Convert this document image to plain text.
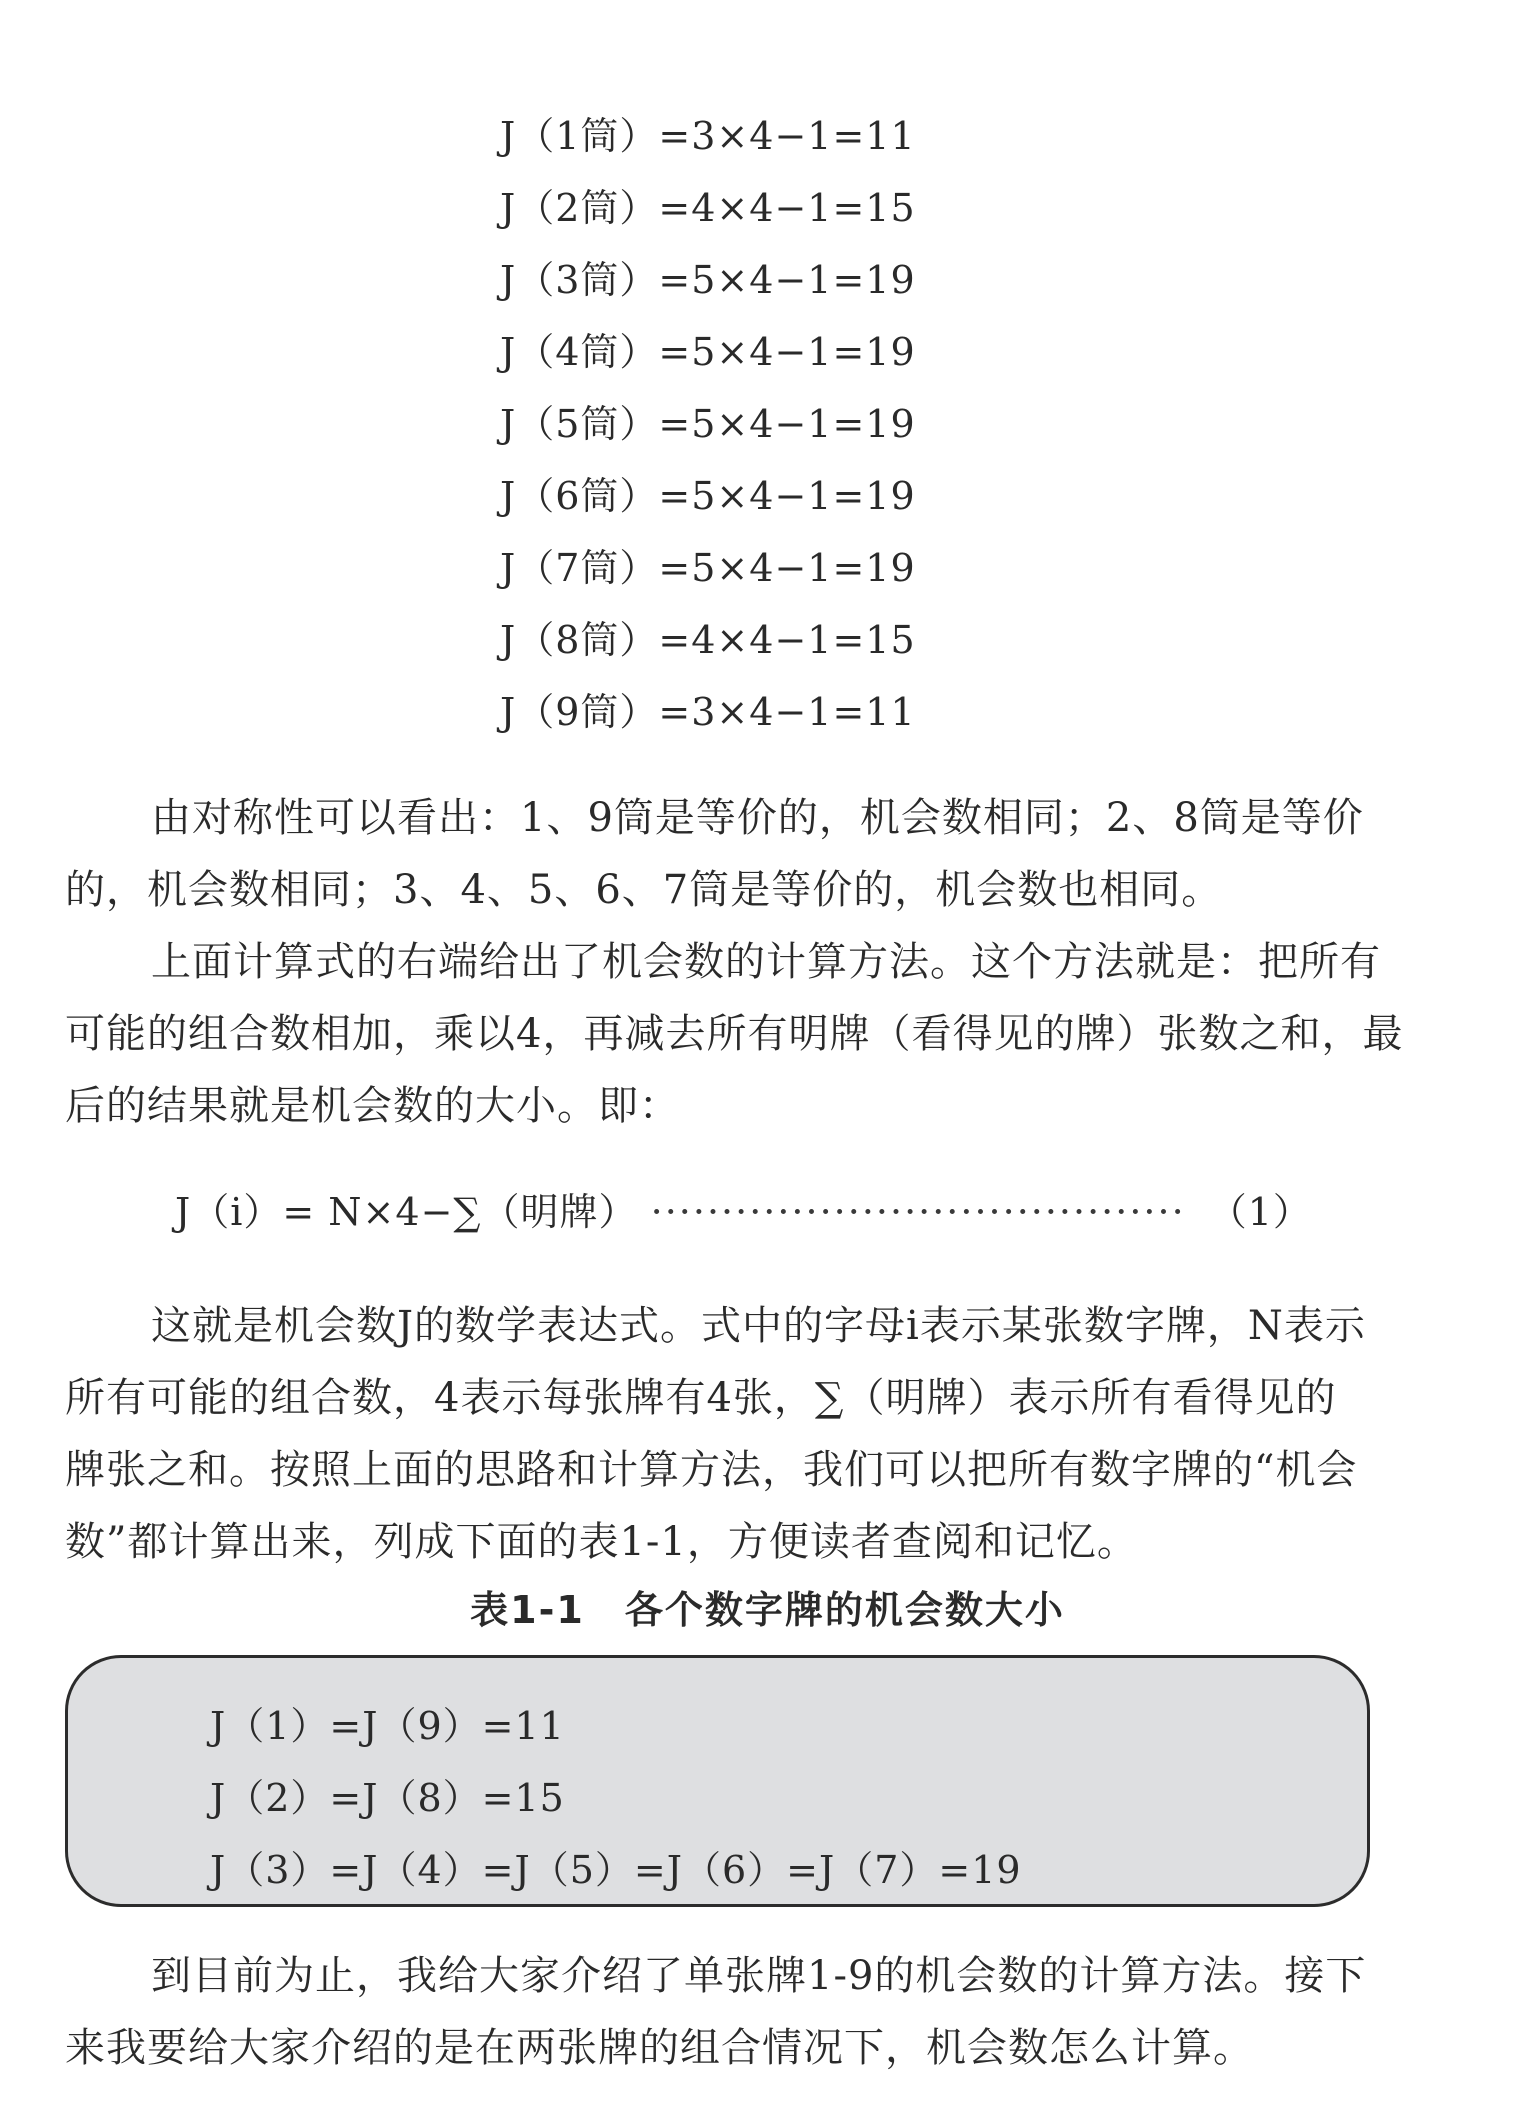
J（1筒）=3×4−1=11
J（2筒）=4×4−1=15
J（3筒）=5×4−1=19
J（4筒）=5×4−1=19
J（5筒）=5×4−1=19
J（6筒）=5×4−1=19
J（7筒）=5×4−1=19
J（8筒）=4×4−1=15
J（9筒）=3×4−1=11

由对称性可以看出：1、9筒是等价的，机会数相同；2、8筒是等价
的，机会数相同；3、4、5、6、7筒是等价的，机会数也相同。

上面计算式的右端给出了机会数的计算方法。这个方法就是：把所有
可能的组合数相加，乘以4，再减去所有明牌（看得见的牌）张数之和，最
后的结果就是机会数的大小。即：

J（i）= N×4−∑（明牌） ······································ （1）

这就是机会数J的数学表达式。式中的字母i表示某张数字牌，N表示
所有可能的组合数，4表示每张牌有4张，∑（明牌）表示所有看得见的
牌张之和。按照上面的思路和计算方法，我们可以把所有数字牌的“机会
数”都计算出来，列成下面的表1-1，方便读者查阅和记忆。

表1-1　各个数字牌的机会数大小
J（1）=J（9）=11
J（2）=J（8）=15
J（3）=J（4）=J（5）=J（6）=J（7）=19

到目前为止，我给大家介绍了单张牌1-9的机会数的计算方法。接下
来我要给大家介绍的是在两张牌的组合情况下，机会数怎么计算。
